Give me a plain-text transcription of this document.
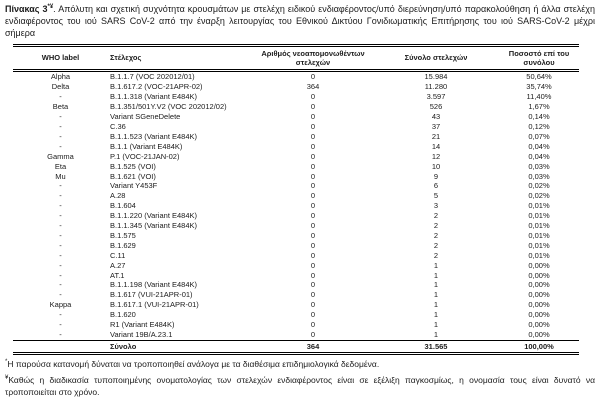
Πίνακας 3*¥. Απόλυτη και σχετική συχνότητα κρουσμάτων με στελέχη ειδικού ενδιαφέροντος/υπό διερεύνηση/υπό παρακολούθηση ή άλλα στελέχη ενδιαφέροντος του ιού SARS CoV-2 από την έναρξη λειτουργίας του Εθνικού Δικτύου Γονιδιωματικής Επιτήρησης του ιού SARS-CoV-2 μέχρι σήμερα

WHO label	Στέλεχος	Αριθμός νεοαπομονωθέντων στελεχών	Σύνολο στελεχών	Ποσοστό επί του συνόλου
Alpha	B.1.1.7 (VOC 202012/01)	0	15.984	50,64%
Delta	B.1.617.2 (VOC-21APR-02)	364	11.280	35,74%
-	B.1.1.318 (Variant E484K)	0	3.597	11,40%
Beta	B.1.351/501Y.V2 (VOC 202012/02)	0	526	1,67%
-	Variant SGeneDelete	0	43	0,14%
-	C.36	0	37	0,12%
-	B.1.1.523 (Variant E484K)	0	21	0,07%
-	B.1.1 (Variant E484K)	0	14	0,04%
Gamma	P.1 (VOC-21JAN-02)	0	12	0,04%
Eta	B.1.525 (VOI)	0	10	0,03%
Mu	B.1.621 (VOI)	0	9	0,03%
-	Variant Y453F	0	6	0,02%
-	A.28	0	5	0,02%
-	B.1.604	0	3	0,01%
-	B.1.1.220 (Variant E484K)	0	2	0,01%
-	B.1.1.345 (Variant E484K)	0	2	0,01%
-	B.1.575	0	2	0,01%
-	B.1.629	0	2	0,01%
-	C.11	0	2	0,01%
-	A.27	0	1	0,00%
-	AT.1	0	1	0,00%
-	B.1.1.198 (Variant E484K)	0	1	0,00%
-	B.1.617 (VUI-21APR-01)	0	1	0,00%
Kappa	B.1.617.1 (VUI-21APR-01)	0	1	0,00%
-	B.1.620	0	1	0,00%
-	R1 (Variant E484K)	0	1	0,00%
-	Variant 19B/A.23.1	0	1	0,00%
	Σύνολο	364	31.565	100,00%

*Η παρούσα κατανομή δύναται να τροποποιηθεί ανάλογα με τα διαθέσιμα επιδημιολογικά δεδομένα.

¥Καθώς η διαδικασία τυποποιημένης ονοματολογίας των στελεχών ενδιαφέροντος είναι σε εξέλιξη παγκοσμίως, η ονομασία τους είναι δυνατό να τροποποιείται στο χρόνο.
